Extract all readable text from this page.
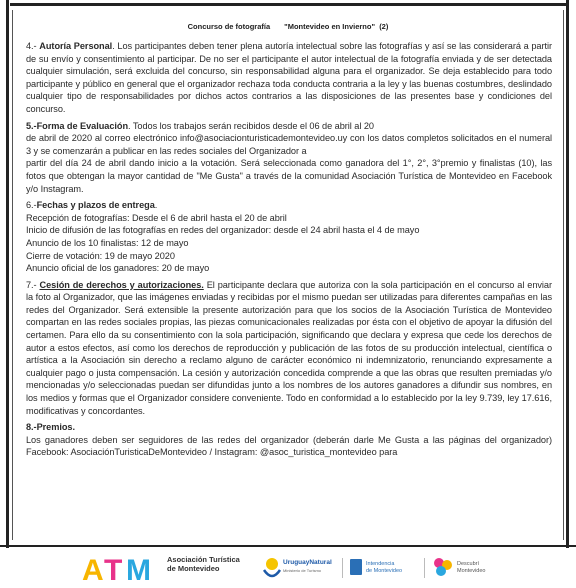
Concurso de fotografía "Montevideo en Invierno" (2)
4.- Autoría Personal. Los participantes deben tener plena autoría intelectual sobre las fotografías y así se las considerará a partir de su envío y consentimiento al participar. De no ser el participante el autor intelectual de la fotografía enviada y de ser detectada cualquier simulación, será excluida del concurso, sin responsabilidad alguna para el organizador. Se deja establecido para todo participante y público en general que el organizador rechaza toda conducta contraria a la ley y las buenas costumbres, deslindado cualquier tipo de responsabilidades por dichos actos contrarios a las disposiciones de las presentes base y condiciones del concurso.
5.-Forma de Evaluación. Todos los trabajos serán recibidos desde el 06 de abril al 20
de abril de 2020 al correo electrónico info@asociacionturisticademontevideo.uy con los datos completos solicitados en el numeral 3 y se comenzarán a publicar en las redes sociales del Organizador a
partir del día 24 de abril dando inicio a la votación. Será seleccionada como ganadora del 1°, 2°, 3°premio y finalistas (10), las fotos que obtengan la mayor cantidad de "Me Gusta" a través de la comunidad Asociación Turística de Montevideo en Facebook y/o Instagram.
6.-Fechas y plazos de entrega.
Recepción de fotografías: Desde el 6 de abril hasta el 20 de abril
Inicio de difusión de las fotografías en redes del organizador: desde el 24 abril hasta el 4 de mayo
Anuncio de los 10 finalistas: 12 de mayo
Cierre de votación: 19 de mayo 2020
Anuncio oficial de los ganadores: 20 de mayo
7.- Cesión de derechos y autorizaciones. El participante declara que autoriza con la sola participación en el concurso al enviar la foto al Organizador, que las imágenes enviadas y recibidas por el mismo puedan ser utilizadas para diferentes campañas en las redes del Organizador. Será extensible la presente autorización para que los socios de la Asociación Turística de Montevideo compartan en las redes sociales propias, las piezas comunicacionales realizadas por ésta con el objetivo de apoyar la difusión del certamen. Para ello da su consentimiento con la sola participación, significando que declara y expresa que cede los derechos de autor a estos efectos, así como los derechos de reproducción y publicación de las fotos de su producción intelectual, científica o artística a la Asociación sin derecho a reclamo alguno de carácter económico ni indemnizatorio, renunciando expresamente a cualquier pago o justa compensación. La cesión y autorización concedida comprende a que las obras que resulten premiadas y/o mencionadas y/o seleccionadas puedan ser difundidas junto a los nombres de los autores ganadores a difundir sus nombres, en los medios y formas que el Organizador considere conveniente. Todo en conformidad a lo establecido por la ley 9.739, ley 17.616, modificativas y concordantes.
8.-Premios.
Los ganadores deben ser seguidores de las redes del organizador (deberán darle Me Gusta a las páginas del organizador) Facebook: AsociaciónTuristicaDeMontevideo / Instagram: @asoc_turistica_montevideo para
A T M Asociación Turística
de Montevideo
UruguayNatural
Ministerio de Turismo
Intendencia
de Montevideo
Descubrí
Montevideo
